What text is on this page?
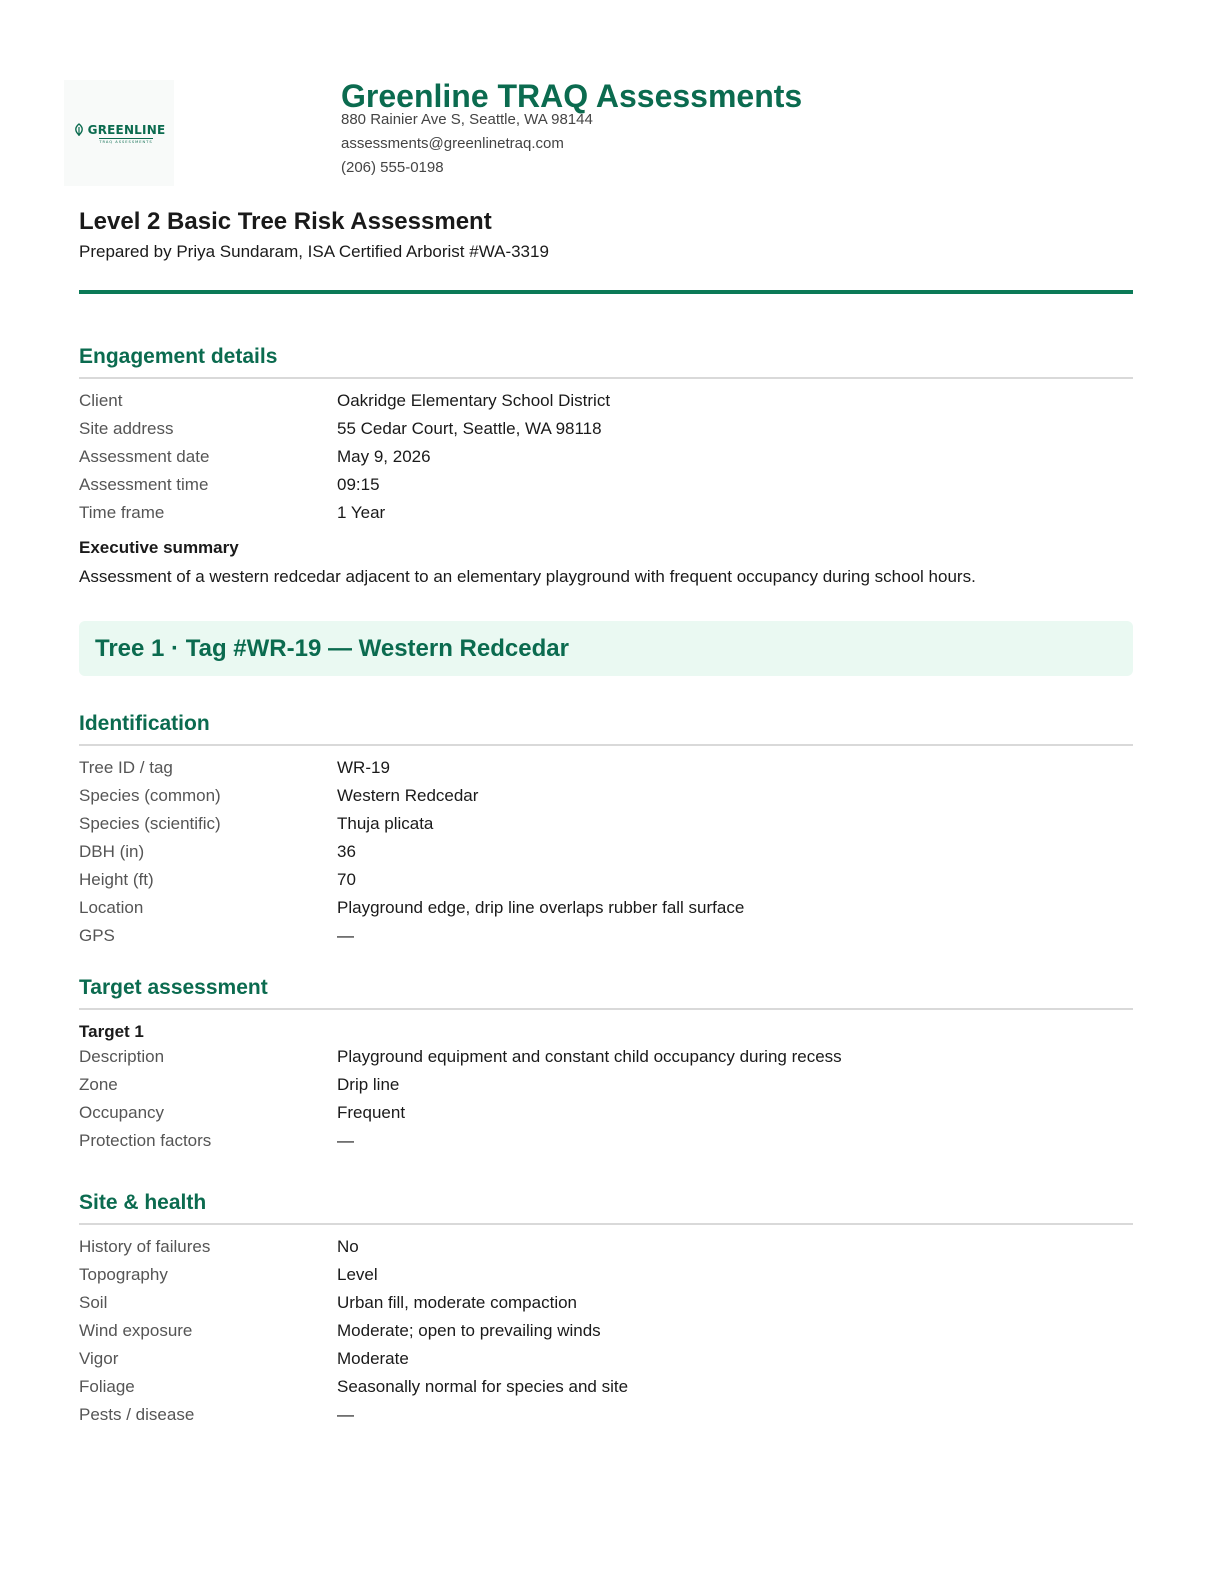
GREENLINE
TRAQ ASSESSMENTS
Greenline TRAQ Assessments
880 Rainier Ave S, Seattle, WA 98144
assessments@greenlinetraq.com
(206) 555-0198
Level 2 Basic Tree Risk Assessment
Prepared by Priya Sundaram, ISA Certified Arborist #WA-3319
Engagement details
Client	Oakridge Elementary School District
Site address	55 Cedar Court, Seattle, WA 98118
Assessment date	May 9, 2026
Assessment time	09:15
Time frame	1 Year
Executive summary
Assessment of a western redcedar adjacent to an elementary playground with frequent occupancy during school hours.
Tree 1 · Tag #WR-19 — Western Redcedar
Identification
Tree ID / tag	WR-19
Species (common)	Western Redcedar
Species (scientific)	Thuja plicata
DBH (in)	36
Height (ft)	70
Location	Playground edge, drip line overlaps rubber fall surface
GPS	—
Target assessment
Target 1
Description	Playground equipment and constant child occupancy during recess
Zone	Drip line
Occupancy	Frequent
Protection factors	—
Site & health
History of failures	No
Topography	Level
Soil	Urban fill, moderate compaction
Wind exposure	Moderate; open to prevailing winds
Vigor	Moderate
Foliage	Seasonally normal for species and site
Pests / disease	—
